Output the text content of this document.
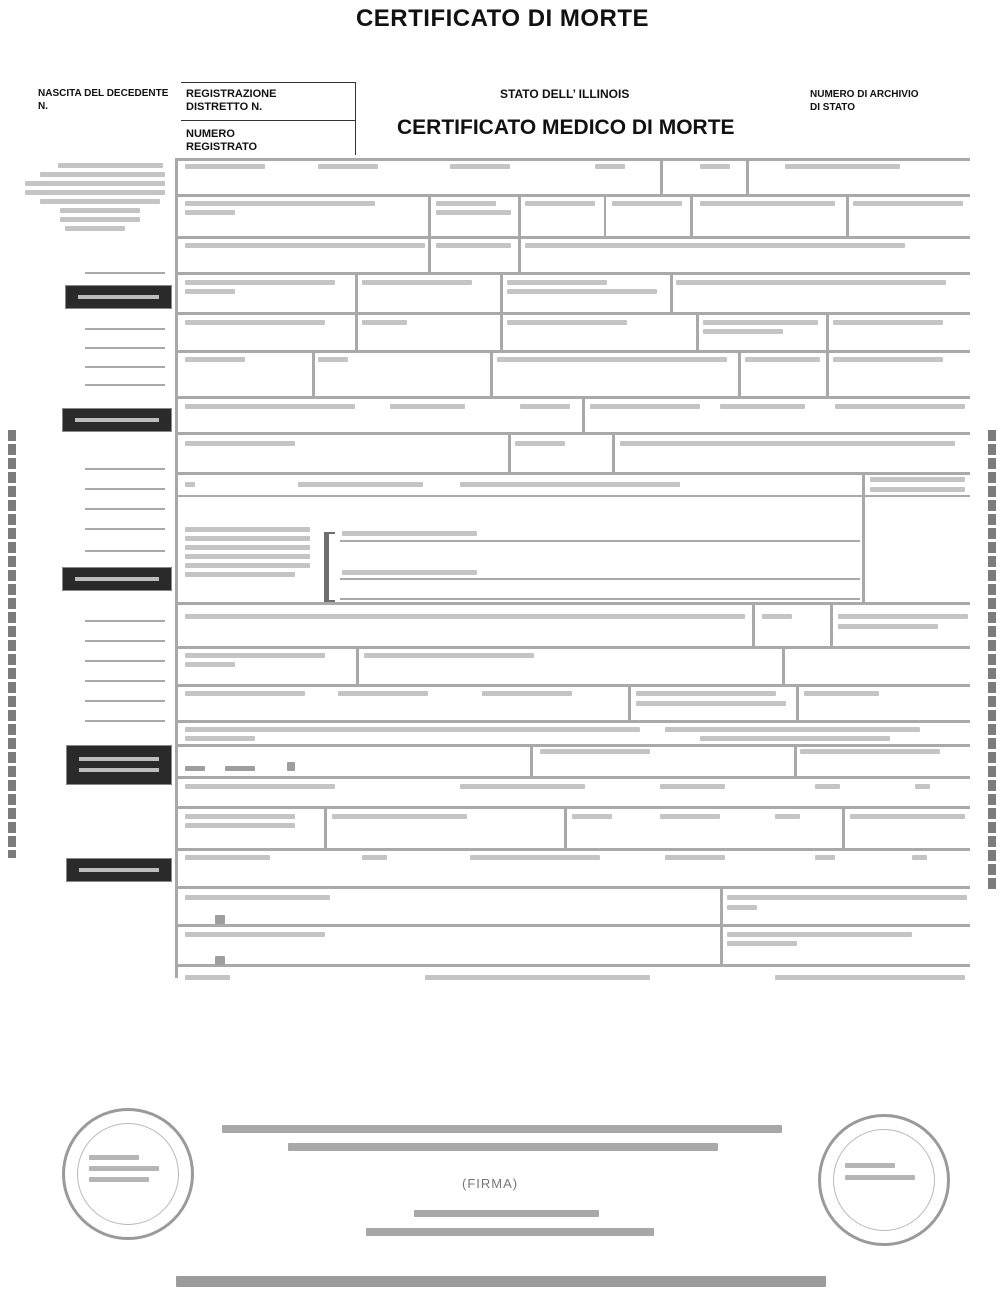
CERTIFICATO DI MORTE
NASCITA DEL DECEDENTE N.
REGISTRAZIONE DISTRETTO N.
NUMERO REGISTRATO
STATO DELL’ ILLINOIS	NUMERO DI ARCHIVIO DI STATO
CERTIFICATO MEDICO DI MORTE
(FIRMA)
